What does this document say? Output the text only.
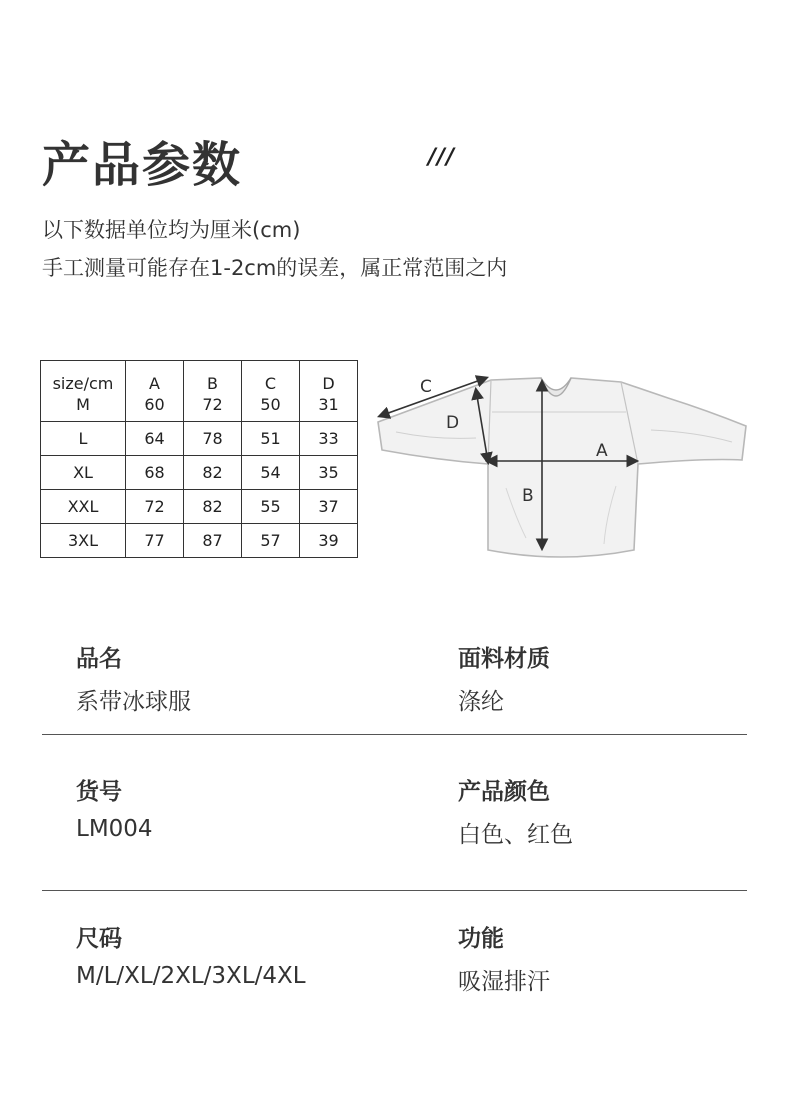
产品参数	///
以下数据单位均为厘米(cm)
手工测量可能存在1-2cm的误差，属正常范围之内
size/cm	A	B	C	D
M	60	72	50	31
L	64	78	51	33
XL	68	82	54	35
XXL	72	82	55	37
3XL	77	87	57	39
C
D
A
B
品名
系带冰球服
面料材质
涤纶
货号
LM004
产品颜色
白色、红色
尺码
M/L/XL/2XL/3XL/4XL
功能
吸湿排汗
